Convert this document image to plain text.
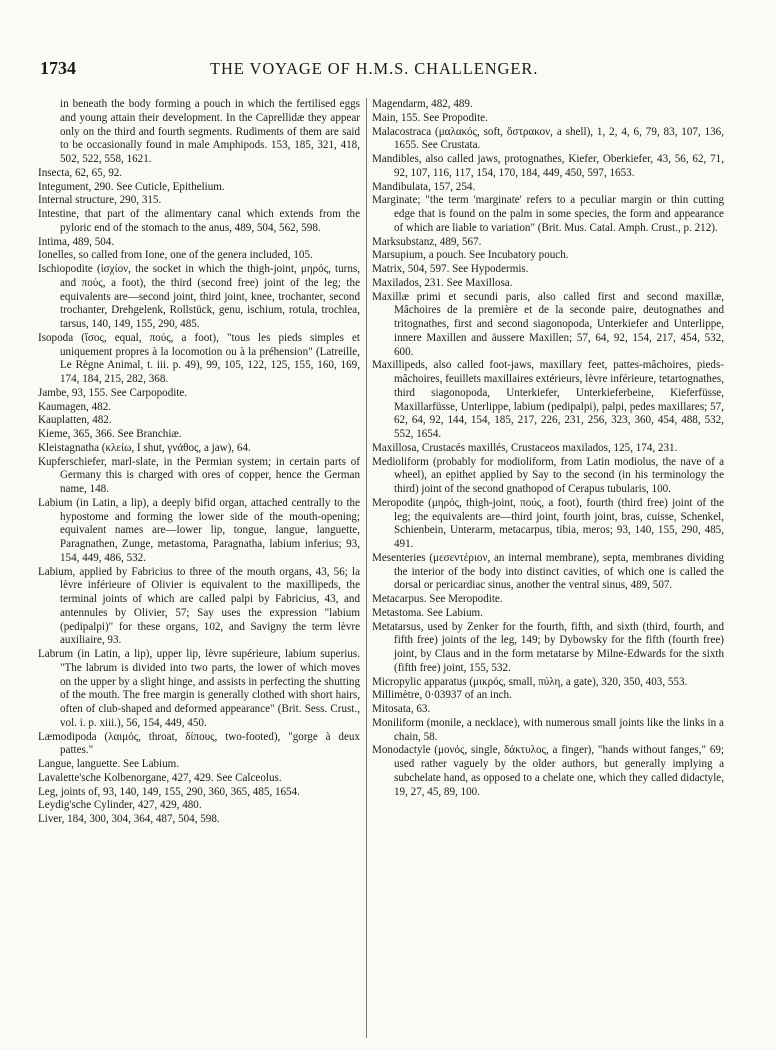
1734	THE VOYAGE OF H.M.S. CHALLENGER.

in beneath the body forming a pouch in which the fertilised eggs and young attain their development. In the Caprellidæ they appear only on the third and fourth segments. Rudiments of them are said to be occasionally found in male Amphipods. 153, 185, 321, 418, 502, 522, 558, 1621.

Insecta, 62, 65, 92.

Integument, 290. See Cuticle, Epithelium.

Internal structure, 290, 315.

Intestine, that part of the alimentary canal which extends from the pyloric end of the stomach to the anus, 489, 504, 562, 598.

Intima, 489, 504.

Ionelles, so called from Ione, one of the genera included, 105.

Ischiopodite (ἰσχίον, the socket in which the thigh-joint, μηρός, turns, and πούς, a foot), the third (second free) joint of the leg; the equivalents are—second joint, third joint, knee, trochanter, second trochanter, Drehgelenk, Rollstück, genu, ischium, rotula, trochlea, tarsus, 140, 149, 155, 290, 485.

Isopoda (ἴσος, equal, πούς, a foot), "tous les pieds simples et uniquement propres à la locomotion ou à la préhension" (Latreille, Le Règne Animal, t. iii. p. 49), 99, 105, 122, 125, 155, 160, 169, 174, 184, 215, 282, 368.

Jambe, 93, 155. See Carpopodite.

Kaumagen, 482.

Kauplatten, 482.

Kieme, 365, 366. See Branchiæ.

Kleistagnatha (κλείω, I shut, γνάθος, a jaw), 64.

Kupferschiefer, marl-slate, in the Permian system; in certain parts of Germany this is charged with ores of copper, hence the German name, 148.

Labium (in Latin, a lip), a deeply bifid organ, attached centrally to the hypostome and forming the lower side of the mouth-opening; equivalent names are—lower lip, tongue, langue, languette, Paragnathen, Zunge, metastoma, Paragnatha, labium inferius; 93, 154, 449, 486, 532.

Labium, applied by Fabricius to three of the mouth organs, 43, 56; la lèvre inférieure of Olivier is equivalent to the maxillipeds, the terminal joints of which are called palpi by Fabricius, 43, and antennules by Olivier, 57; Say uses the expression "labium (pedipalpi)" for these organs, 102, and Savigny the term lèvre auxiliaire, 93.

Labrum (in Latin, a lip), upper lip, lèvre supérieure, labium superius. "The labrum is divided into two parts, the lower of which moves on the upper by a slight hinge, and assists in perfecting the shutting of the mouth. The free margin is generally clothed with short hairs, often of club-shaped and deformed appearance" (Brit. Sess. Crust., vol. i. p. xiii.), 56, 154, 449, 450.

Læmodipoda (λαιμός, throat, δίπους, two-footed), "gorge à deux pattes."

Langue, languette. See Labium.

Lavalette'sche Kolbenorgane, 427, 429. See Calceolus.

Leg, joints of, 93, 140, 149, 155, 290, 360, 365, 485, 1654.

Leydig'sche Cylinder, 427, 429, 480.

Liver, 184, 300, 304, 364, 487, 504, 598.

Magendarm, 482, 489.

Main, 155. See Propodite.

Malacostraca (μαλακός, soft, ὄστρακον, a shell), 1, 2, 4, 6, 79, 83, 107, 136, 1655. See Crustata.

Mandibles, also called jaws, protognathes, Kiefer, Oberkiefer, 43, 56, 62, 71, 92, 107, 116, 117, 154, 170, 184, 449, 450, 597, 1653.

Mandibulata, 157, 254.

Marginate; "the term 'marginate' refers to a peculiar margin or thin cutting edge that is found on the palm in some species, the form and appearance of which are liable to variation" (Brit. Mus. Catal. Amph. Crust., p. 212).

Marksubstanz, 489, 567.

Marsupium, a pouch. See Incubatory pouch.

Matrix, 504, 597. See Hypodermis.

Maxilados, 231. See Maxillosa.

Maxillæ primi et secundi paris, also called first and second maxillæ, Mâchoires de la première et de la seconde paire, deutognathes and tritognathes, first and second siagonopoda, Unterkiefer and Unterlippe, innere Maxillen and äussere Maxillen; 57, 64, 92, 154, 217, 454, 532, 600.

Maxillipeds, also called foot-jaws, maxillary feet, pattes-mâchoires, pieds-mâchoires, feuillets maxillaires extérieurs, lèvre inférieure, tetartognathes, third siagonopoda, Unterkiefer, Unterkieferbeine, Kieferfüsse, Maxillarfüsse, Unterlippe, labium (pedipalpi), palpi, pedes maxillares; 57, 62, 64, 92, 144, 154, 185, 217, 226, 231, 256, 323, 360, 454, 488, 532, 552, 1654.

Maxillosa, Crustacés maxillés, Crustaceos maxilados, 125, 174, 231.

Medioliform (probably for modioliform, from Latin modiolus, the nave of a wheel), an epithet applied by Say to the second (in his terminology the third) joint of the second gnathopod of Cerapus tubularis, 100.

Meropodite (μηρός, thigh-joint, πούς, a foot), fourth (third free) joint of the leg; the equivalents are—third joint, fourth joint, bras, cuisse, Schenkel, Schienbein, Unterarm, metacarpus, tibia, meros; 93, 140, 155, 290, 485, 491.

Mesenteries (μεσεντέριον, an internal membrane), septa, membranes dividing the interior of the body into distinct cavities, of which one is called the dorsal or pericardiac sinus, another the ventral sinus, 489, 507.

Metacarpus. See Meropodite.

Metastoma. See Labium.

Metatarsus, used by Zenker for the fourth, fifth, and sixth (third, fourth, and fifth free) joints of the leg, 149; by Dybowsky for the fifth (fourth free) joint, by Claus and in the form metatarse by Milne-Edwards for the sixth (fifth free) joint, 155, 532.

Micropylic apparatus (μικρός, small, πύλη, a gate), 320, 350, 403, 553.

Millimètre, 0·03937 of an inch.

Mitosata, 63.

Moniliform (monile, a necklace), with numerous small joints like the links in a chain, 58.

Monodactyle (μονός, single, δάκτυλος, a finger), "hands without fanges," 69; used rather vaguely by the older authors, but generally implying a subchelate hand, as opposed to a chelate one, which they called didactyle, 19, 27, 45, 89, 100.
